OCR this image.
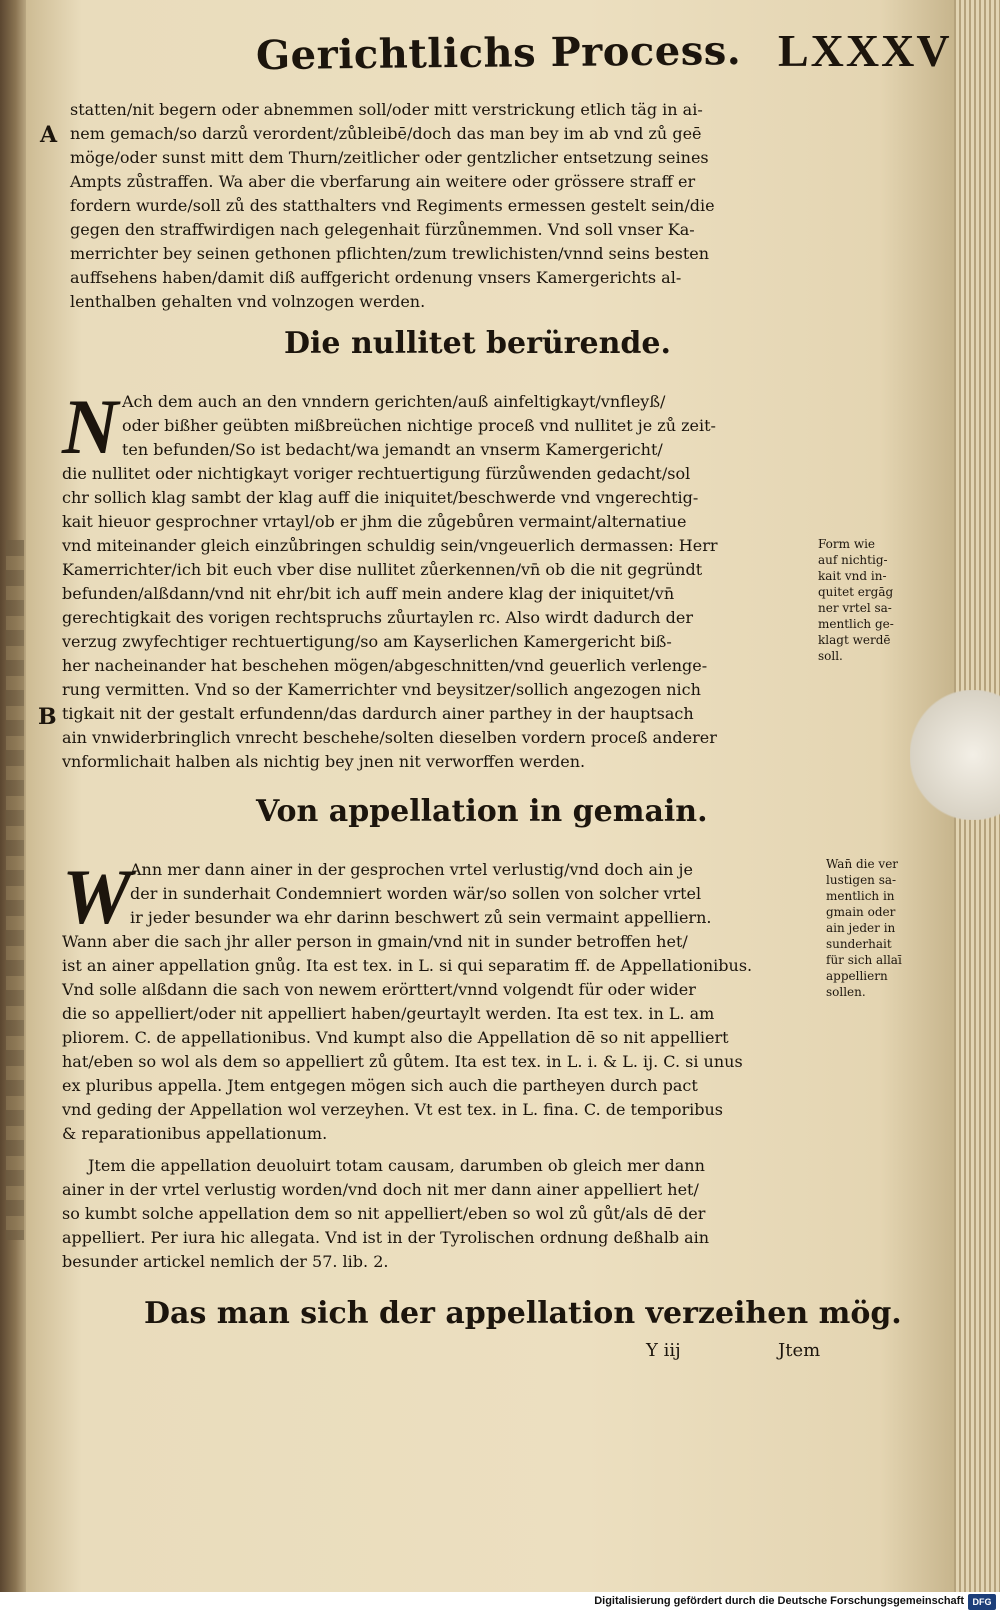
Gerichtlichs Process. LXXXV
A
statten/nit begern oder abnemmen soll/oder mitt verstrickung etlich täg in ai-
nem gemach/so darzů verordent/zůbleibē/doch das man bey im ab vnd zů geē
möge/oder sunst mitt dem Thurn/zeitlicher oder gentzlicher entsetzung seines
Ampts zůstraffen. Wa aber die vberfarung ain weitere oder grössere straff er
fordern wurde/soll zů des statthalters vnd Regiments ermessen gestelt sein/die
gegen den straffwirdigen nach gelegenhait fürzůnemmen. Vnd soll vnser Ka-
merrichter bey seinen gethonen pflichten/zum trewlichisten/vnnd seins besten
auffsehens haben/damit diß auffgericht ordenung vnsers Kamergerichts al-
lenthalben gehalten vnd volnzogen werden.
Die nullitet berürende.
N Ach dem auch an den vnndern gerichten/auß ainfeltigkayt/vnfleyß/
oder bißher geübten mißbreüchen nichtige proceß vnd nullitet je zů zeit-
ten befunden/So ist bedacht/wa jemandt an vnserm Kamergericht/
die nullitet oder nichtigkayt voriger rechtuertigung fürzůwenden gedacht/sol
chr sollich klag sambt der klag auff die iniquitet/beschwerde vnd vngerechtig-
kait hieuor gesprochner vrtayl/ob er jhm die zůgebůren vermaint/alternatiue
vnd miteinander gleich einzůbringen schuldig sein/vngeuerlich dermassen: Herr
Kamerrichter/ich bit euch vber dise nullitet zůerkennen/vn̄ ob die nit gegründt
befunden/alßdann/vnd nit ehr/bit ich auff mein andere klag der iniquitet/vn̄
gerechtigkait des vorigen rechtspruchs zůurtaylen rc. Also wirdt dadurch der
verzug zwyfechtiger rechtuertigung/so am Kayserlichen Kamergericht biß-
her nacheinander hat beschehen mögen/abgeschnitten/vnd geuerlich verlenge-
rung vermitten. Vnd so der Kamerrichter vnd beysitzer/sollich angezogen nich
tigkait nit der gestalt erfundenn/das dardurch ainer parthey in der hauptsach
ain vnwiderbringlich vnrecht beschehe/solten dieselben vordern proceß anderer
vnformlichait halben als nichtig bey jnen nit verworffen werden.
B
Form wie
auf nichtig-
kait vnd in-
quitet ergāg
ner vrtel sa-
mentlich ge-
klagt werdē
soll.
Von appellation in gemain.
W
Ann mer dann ainer in der gesprochen vrtel verlustig/vnd doch ain je
der in sunderhait Condemniert worden wär/so sollen von solcher vrtel
ir jeder besunder wa ehr darinn beschwert zů sein vermaint appelliern.
Wann aber die sach jhr aller person in gmain/vnd nit in sunder betroffen het/
ist an ainer appellation gnůg. Ita est tex. in L. si qui separatim ff. de Appellationibus.
Vnd solle alßdann die sach von newem erörttert/vnnd volgendt für oder wider
die so appelliert/oder nit appelliert haben/geurtaylt werden. Ita est tex. in L. am
pliorem. C. de appellationibus. Vnd kumpt also die Appellation dē so nit appelliert
hat/eben so wol als dem so appelliert zů gůtem. Ita est tex. in L. i. & L. ij. C. si unus
ex pluribus appella. Jtem entgegen mögen sich auch die partheyen durch pact
vnd geding der Appellation wol verzeyhen. Vt est tex. in L. fina. C. de temporibus
& reparationibus appellationum.
Jtem die appellation deuoluirt totam causam, darumben ob gleich mer dann
ainer in der vrtel verlustig worden/vnd doch nit mer dann ainer appelliert het/
so kumbt solche appellation dem so nit appelliert/eben so wol zů gůt/als dē der
appelliert. Per iura hic allegata. Vnd ist in der Tyrolischen ordnung deßhalb ain
besunder artickel nemlich der 57. lib. 2.
Wan̄ die ver
lustigen sa-
mentlich in
gmain oder
ain jeder in
sunderhait
für sich allaī
appelliern
sollen.
Das man sich der appellation verzeihen mög.
Y iij	Jtem
Digitalisierung gefördert durch die Deutsche Forschungsgemeinschaft DFG
